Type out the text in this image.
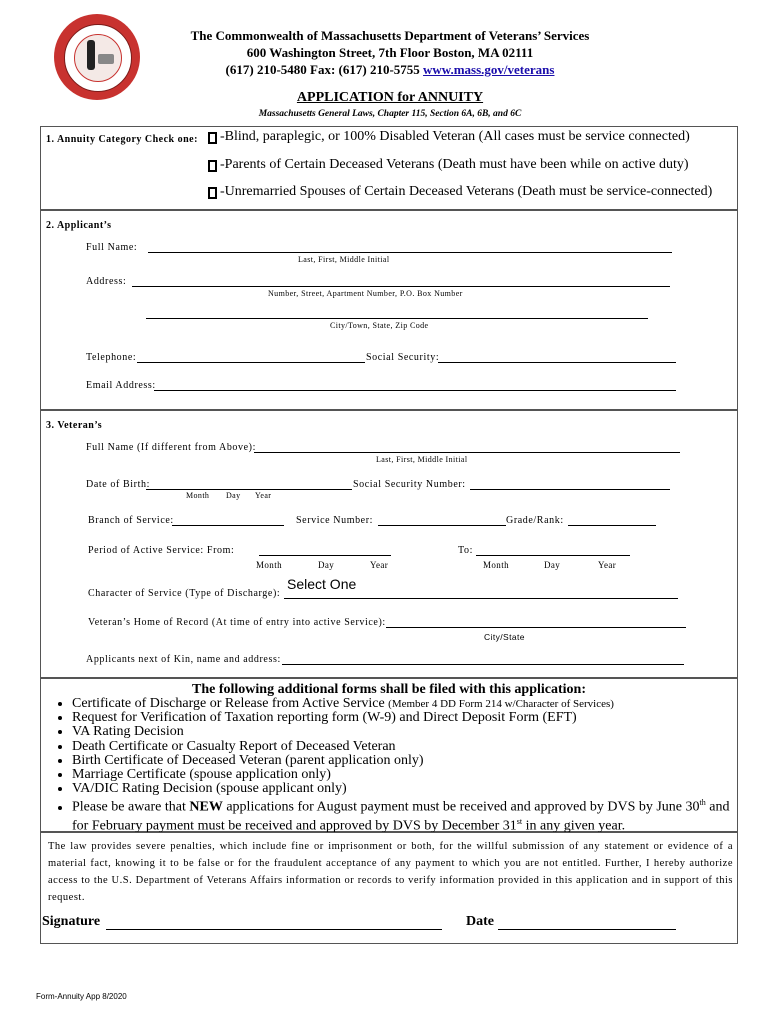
The Commonwealth of Massachusetts Department of Veterans’ Services
600 Washington Street, 7th Floor Boston, MA 02111
(617) 210-5480 Fax: (617) 210-5755 www.mass.gov/veterans
APPLICATION for ANNUITY
Massachusetts General Laws, Chapter 115, Section 6A, 6B, and 6C
1. Annuity Category Check one: -Blind, paraplegic, or 100% Disabled Veteran (All cases must be service connected)
-Parents of Certain Deceased Veterans (Death must have been while on active duty)
-Unremarried Spouses of Certain Deceased Veterans (Death must be service-connected)
2. Applicant’s
Full Name:
Last, First, Middle Initial
Address:
Number, Street, Apartment Number, P.O. Box Number
City/Town, State, Zip Code
Telephone:	Social Security:
Email Address:
3. Veteran’s
Full Name (If different from Above):
Last, First, Middle Initial
Date of Birth:
Month Day Year
Social Security Number:
Branch of Service:	Service Number:	Grade/Rank:
Period of Active Service: From:
Month	Day	Year
To:
Month	Day	Year
Character of Service (Type of Discharge):
Select One
Veteran’s Home of Record (At time of entry into active Service):
City/State
Applicants next of Kin, name and address:
The following additional forms shall be filed with this application:
• Certificate of Discharge or Release from Active Service (Member 4 DD Form 214 w/Character of Services)
• Request for Verification of Taxation reporting form (W-9) and Direct Deposit Form (EFT)
• VA Rating Decision
• Death Certificate or Casualty Report of Deceased Veteran
• Birth Certificate of Deceased Veteran (parent application only)
• Marriage Certificate (spouse application only)
• VA/DIC Rating Decision (spouse applicant only)
• Please be aware that NEW applications for August payment must be received and approved by DVS by June 30th and for February payment must be received and approved by DVS by December 31st in any given year.
The law provides severe penalties, which include fine or imprisonment or both, for the willful submission of any statement or evidence of a material fact, knowing it to be false or for the fraudulent acceptance of any payment to which you are not entitled. Further, I hereby authorize access to the U.S. Department of Veterans Affairs information or records to verify information provided in this application and in support of this request.
Signature	Date
Form-Annuity App 8/2020
